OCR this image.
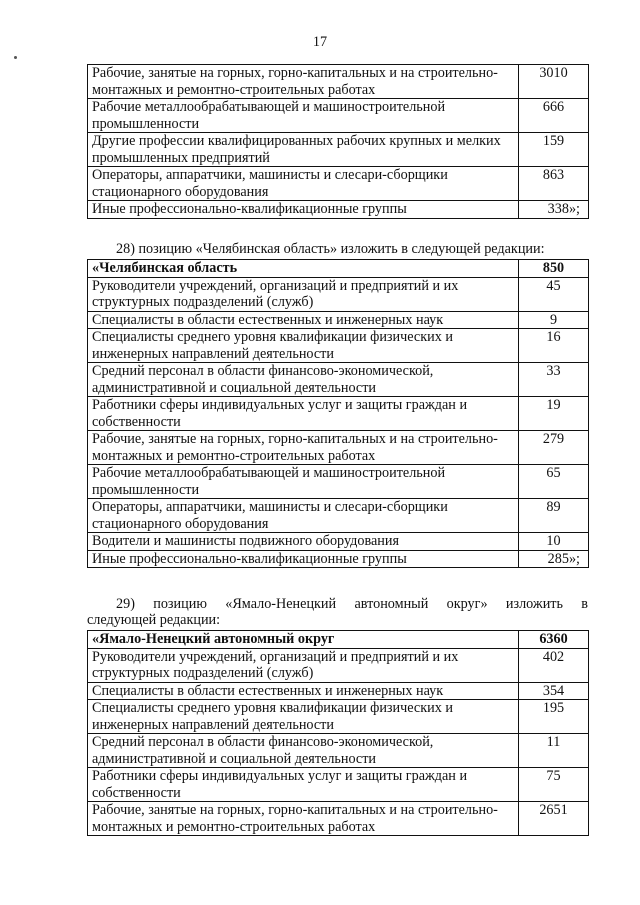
17
Рабочие, занятые на горных, горно-капитальных и на строительно-монтажных и ремонтно-строительных работах	3010
Рабочие металлообрабатывающей и машиностроительной промышленности	666
Другие профессии квалифицированных рабочих крупных и мелких промышленных предприятий	159
Операторы, аппаратчики, машинисты и слесари-сборщики стационарного оборудования	863
Иные профессионально-квалификационные группы	338»;
28) позицию «Челябинская область» изложить в следующей редакции:
«Челябинская область	850
Руководители учреждений, организаций и предприятий и их структурных подразделений (служб)	45
Специалисты в области естественных и инженерных наук	9
Специалисты среднего уровня квалификации физических и инженерных направлений деятельности	16
Средний персонал в области финансово-экономической, административной и социальной деятельности	33
Работники сферы индивидуальных услуг и защиты граждан и собственности	19
Рабочие, занятые на горных, горно-капитальных и на строительно-монтажных и ремонтно-строительных работах	279
Рабочие металлообрабатывающей и машиностроительной промышленности	65
Операторы, аппаратчики, машинисты и слесари-сборщики стационарного оборудования	89
Водители и машинисты подвижного оборудования	10
Иные профессионально-квалификационные группы	285»;
29) позицию «Ямало-Ненецкий автономный округ» изложить в
следующей редакции:
«Ямало-Ненецкий автономный округ	6360
Руководители учреждений, организаций и предприятий и их структурных подразделений (служб)	402
Специалисты в области естественных и инженерных наук	354
Специалисты среднего уровня квалификации физических и инженерных направлений деятельности	195
Средний персонал в области финансово-экономической, административной и социальной деятельности	11
Работники сферы индивидуальных услуг и защиты граждан и собственности	75
Рабочие, занятые на горных, горно-капитальных и на строительно-монтажных и ремонтно-строительных работах	2651
